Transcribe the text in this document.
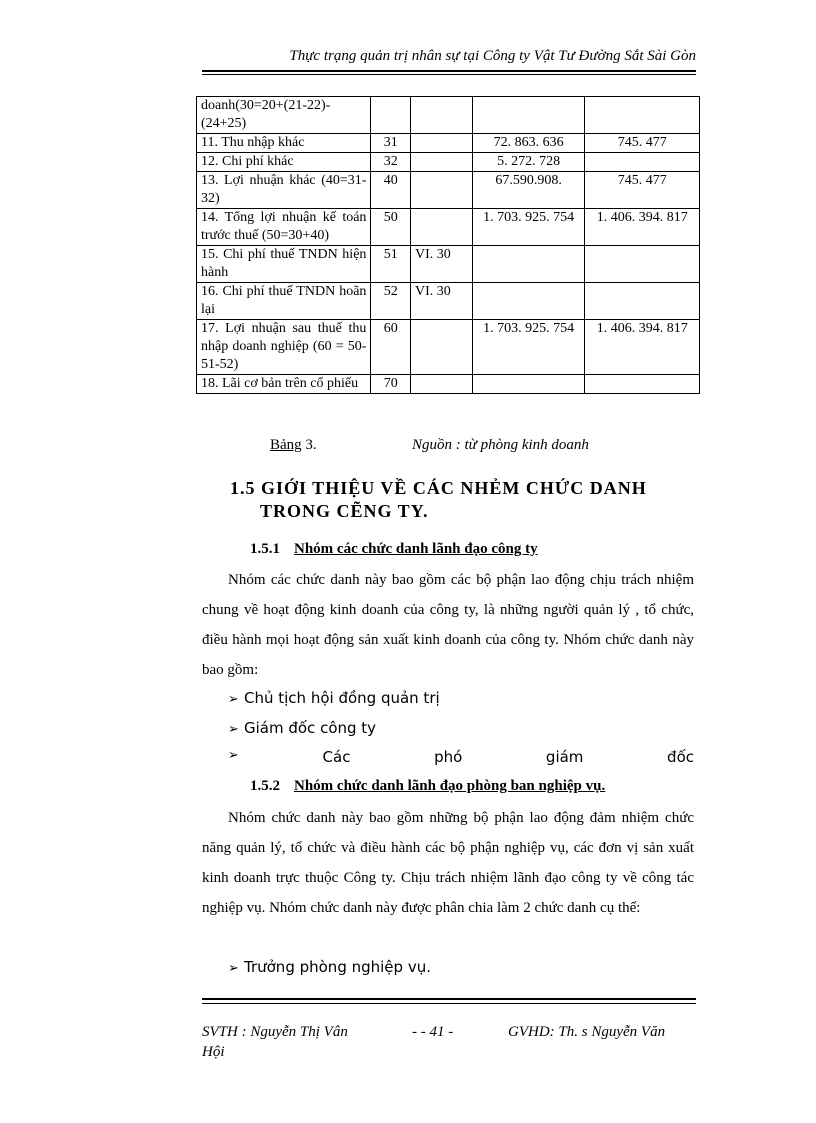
Thực trạng quản trị nhân sự tại Công ty Vật Tư Đường Sắt Sài Gòn
doanh(30=20+(21-22)-(24+25)				
11. Thu nhập khác	31		72. 863. 636	745. 477
12. Chi phí khác	32		5. 272. 728	
13. Lợi nhuận khác (40=31-32)	40		67.590.908.	745. 477
14. Tổng lợi nhuận kế toán trước thuế (50=30+40)	50		1. 703. 925. 754	1. 406. 394. 817
15. Chi phí thuế TNDN hiện hành	51	VI. 30		
16. Chi phí thuế TNDN hoãn lại	52	VI. 30		
17. Lợi nhuận sau thuế thu nhập doanh nghiệp (60 = 50-51-52)	60		1. 703. 925. 754	1. 406. 394. 817
18. Lãi cơ bản trên cổ phiếu	70			
Bảng 3.	Nguồn : từ phòng kinh doanh
1.5 GIỚI THIỆU VỀ CÁC NHẺM CHỨC DANH
TRONG CẼNG TY.
1.5.1 Nhóm các chức danh lãnh đạo công ty
Nhóm các chức danh này bao gồm các bộ phận lao động chịu trách nhiệm chung về hoạt động kinh doanh của công ty, là những người quản lý , tổ chức, điều hành mọi hoạt động sản xuất kinh doanh của công ty. Nhóm chức danh này bao gồm:
➢ Chủ tịch hội đồng quản trị
➢ Giám đốc công ty
➢	Các	phó	giám	đốc
1.5.2 Nhóm chức danh lãnh đạo phòng ban nghiệp vụ.
Nhóm chức danh này bao gồm những bộ phận lao động đảm nhiệm chức năng quản lý, tổ chức và điều hành các bộ phận nghiệp vụ, các đơn vị sản xuất kinh doanh trực thuộc Công ty. Chịu trách nhiệm lãnh đạo công ty về công tác nghiệp vụ. Nhóm chức danh này được phân chia làm 2 chức danh cụ thể:
➢ Trưởng phòng nghiệp vụ.
SVTH : Nguyễn Thị Vân Hội
- - 41 -	GVHD: Th. s Nguyễn Văn
